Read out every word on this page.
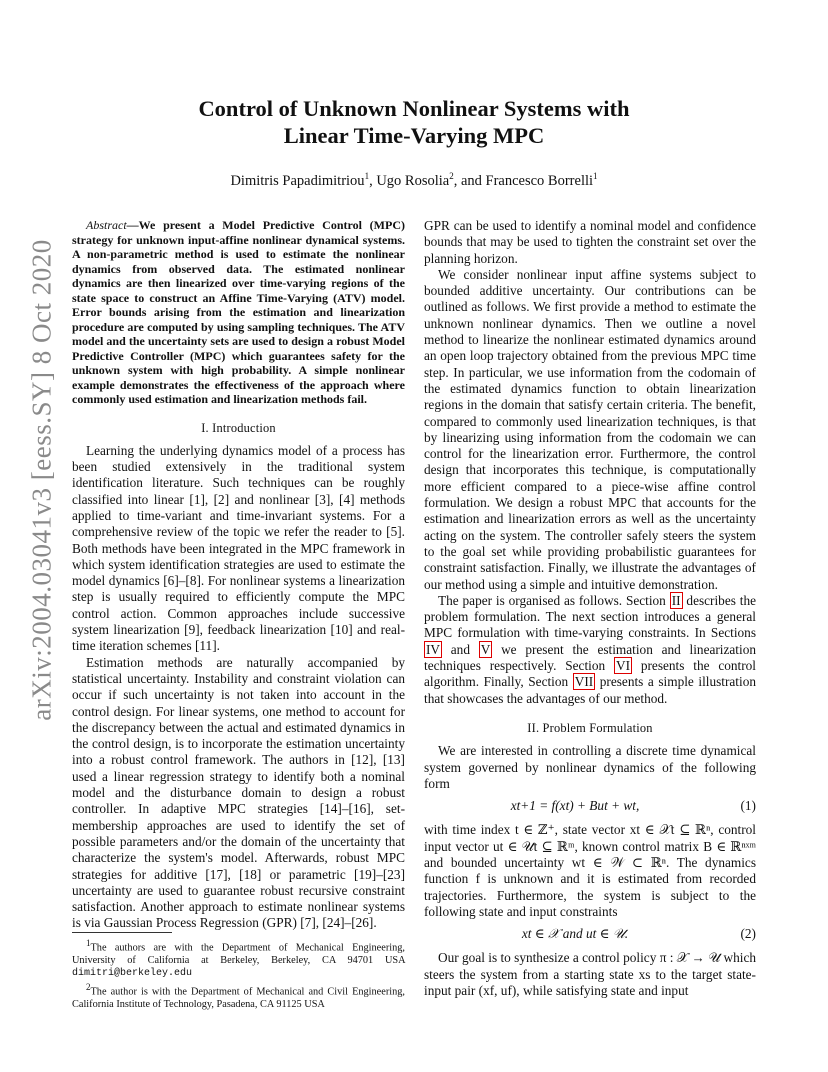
arXiv:2004.03041v3 [eess.SY] 8 Oct 2020
Control of Unknown Nonlinear Systems with
Linear Time-Varying MPC
Dimitris Papadimitriou$^1$, Ugo Rosolia$^2$, and Francesco Borrelli$^1$

Abstract—We present a Model Predictive Control (MPC) strategy for unknown input-affine nonlinear dynamical systems. A non-parametric method is used to estimate the nonlinear dynamics from observed data. The estimated nonlinear dynamics are then linearized over time-varying regions of the state space to construct an Affine Time-Varying (ATV) model. Error bounds arising from the estimation and linearization procedure are computed by using sampling techniques. The ATV model and the uncertainty sets are used to design a robust Model Predictive Controller (MPC) which guarantees safety for the unknown system with high probability. A simple nonlinear example demonstrates the effectiveness of the approach where commonly used estimation and linearization methods fail.

I. Introduction

Learning the underlying dynamics model of a process has been studied extensively in the traditional system identification literature. Such techniques can be roughly classified into linear [1], [2] and nonlinear [3], [4] methods applied to time-variant and time-invariant systems. For a comprehensive review of the topic we refer the reader to [5]. Both methods have been integrated in the MPC framework in which system identification strategies are used to estimate the model dynamics [6]–[8]. For nonlinear systems a linearization step is usually required to efficiently compute the MPC control action. Common approaches include successive system linearization [9], feedback linearization [10] and real-time iteration schemes [11].

Estimation methods are naturally accompanied by statistical uncertainty. Instability and constraint violation can occur if such uncertainty is not taken into account in the control design. For linear systems, one method to account for the discrepancy between the actual and estimated dynamics in the control design, is to incorporate the estimation uncertainty into a robust control framework. The authors in [12], [13] used a linear regression strategy to identify both a nominal model and the disturbance domain to design a robust controller. In adaptive MPC strategies [14]–[16], set-membership approaches are used to identify the set of possible parameters and/or the domain of the uncertainty that characterize the system's model. Afterwards, robust MPC strategies for additive [17], [18] or parametric [19]–[23] uncertainty are used to guarantee robust recursive constraint satisfaction. Another approach to estimate nonlinear systems is via Gaussian Process Regression (GPR) [7], [24]–[26].

$^1$The authors are with the Department of Mechanical Engineering, University of California at Berkeley, Berkeley, CA 94701 USA dimitri@berkeley.edu

$^2$The author is with the Department of Mechanical and Civil Engineering, California Institute of Technology, Pasadena, CA 91125 USA

GPR can be used to identify a nominal model and confidence bounds that may be used to tighten the constraint set over the planning horizon.

We consider nonlinear input affine systems subject to bounded additive uncertainty. Our contributions can be outlined as follows. We first provide a method to estimate the unknown nonlinear dynamics. Then we outline a novel method to linearize the nonlinear estimated dynamics around an open loop trajectory obtained from the previous MPC time step. In particular, we use information from the codomain of the estimated dynamics function to obtain linearization regions in the domain that satisfy certain criteria. The benefit, compared to commonly used linearization techniques, is that by linearizing using information from the codomain we can control for the linearization error. Furthermore, the control design that incorporates this technique, is computationally more efficient compared to a piece-wise affine control formulation. We design a robust MPC that accounts for the estimation and linearization errors as well as the uncertainty acting on the system. The controller safely steers the system to the goal set while providing probabilistic guarantees for constraint satisfaction. Finally, we illustrate the advantages of our method using a simple and intuitive demonstration.

The paper is organised as follows. Section II describes the problem formulation. The next section introduces a general MPC formulation with time-varying constraints. In Sections IV and V we present the estimation and linearization techniques respectively. Section VI presents the control algorithm. Finally, Section VII presents a simple illustration that showcases the advantages of our method.

II. Problem Formulation

We are interested in controlling a discrete time dynamical system governed by nonlinear dynamics of the following form

xt+1 = f(xt) + But + wt,	(1)

with time index t ∈ ℤ⁺, state vector xt ∈ 𝒳t ⊆ ℝⁿ, control input vector ut ∈ 𝒰t ⊆ ℝᵐ, known control matrix B ∈ ℝⁿˣᵐ and bounded uncertainty wt ∈ 𝒲 ⊂ ℝⁿ. The dynamics function f is unknown and it is estimated from recorded trajectories. Furthermore, the system is subject to the following state and input constraints

xt ∈ 𝒳 and ut ∈ 𝒰.	(2)

Our goal is to synthesize a control policy π : 𝒳 → 𝒰 which steers the system from a starting state xs to the target state-input pair (xf, uf), while satisfying state and input
